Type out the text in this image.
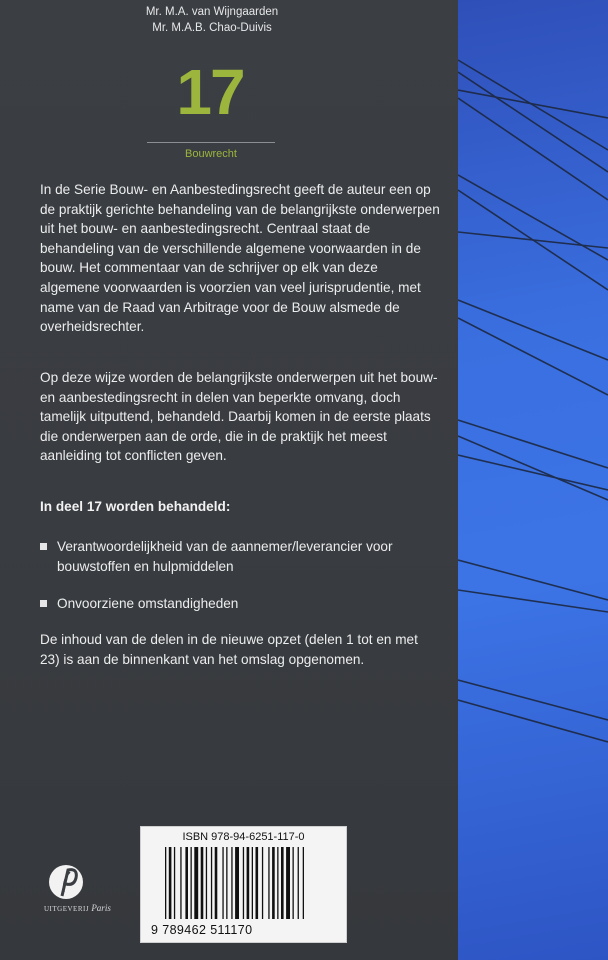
Mr. M.A. van Wijngaarden
Mr. M.A.B. Chao-Duivis
17
Bouwrecht
In de Serie Bouw- en Aanbestedingsrecht geeft de auteur een op de praktijk gerichte behandeling van de belangrijkste onderwerpen uit het bouw- en aanbestedingsrecht. Centraal staat de behandeling van de verschillende algemene voorwaarden in de bouw. Het commentaar van de schrijver op elk van deze algemene voorwaarden is voorzien van veel jurisprudentie, met name van de Raad van Arbitrage voor de Bouw alsmede de overheidsrechter.
Op deze wijze worden de belangrijkste onderwerpen uit het bouw- en aanbestedingsrecht in delen van beperkte omvang, doch tamelijk uitputtend, behandeld. Daarbij komen in de eerste plaats die onderwerpen aan de orde, die in de praktijk het meest aanleiding tot conflicten geven.
In deel 17 worden behandeld:
Verantwoordelijkheid van de aannemer/leverancier voor bouwstoffen en hulpmiddelen
Onvoorziene omstandigheden
De inhoud van de delen in de nieuwe opzet (delen 1 tot en met 23) is aan de binnenkant van het omslag opgenomen.
UITGEVERIJ Paris
ISBN 978-94-6251-117-0
9 789462 511170
